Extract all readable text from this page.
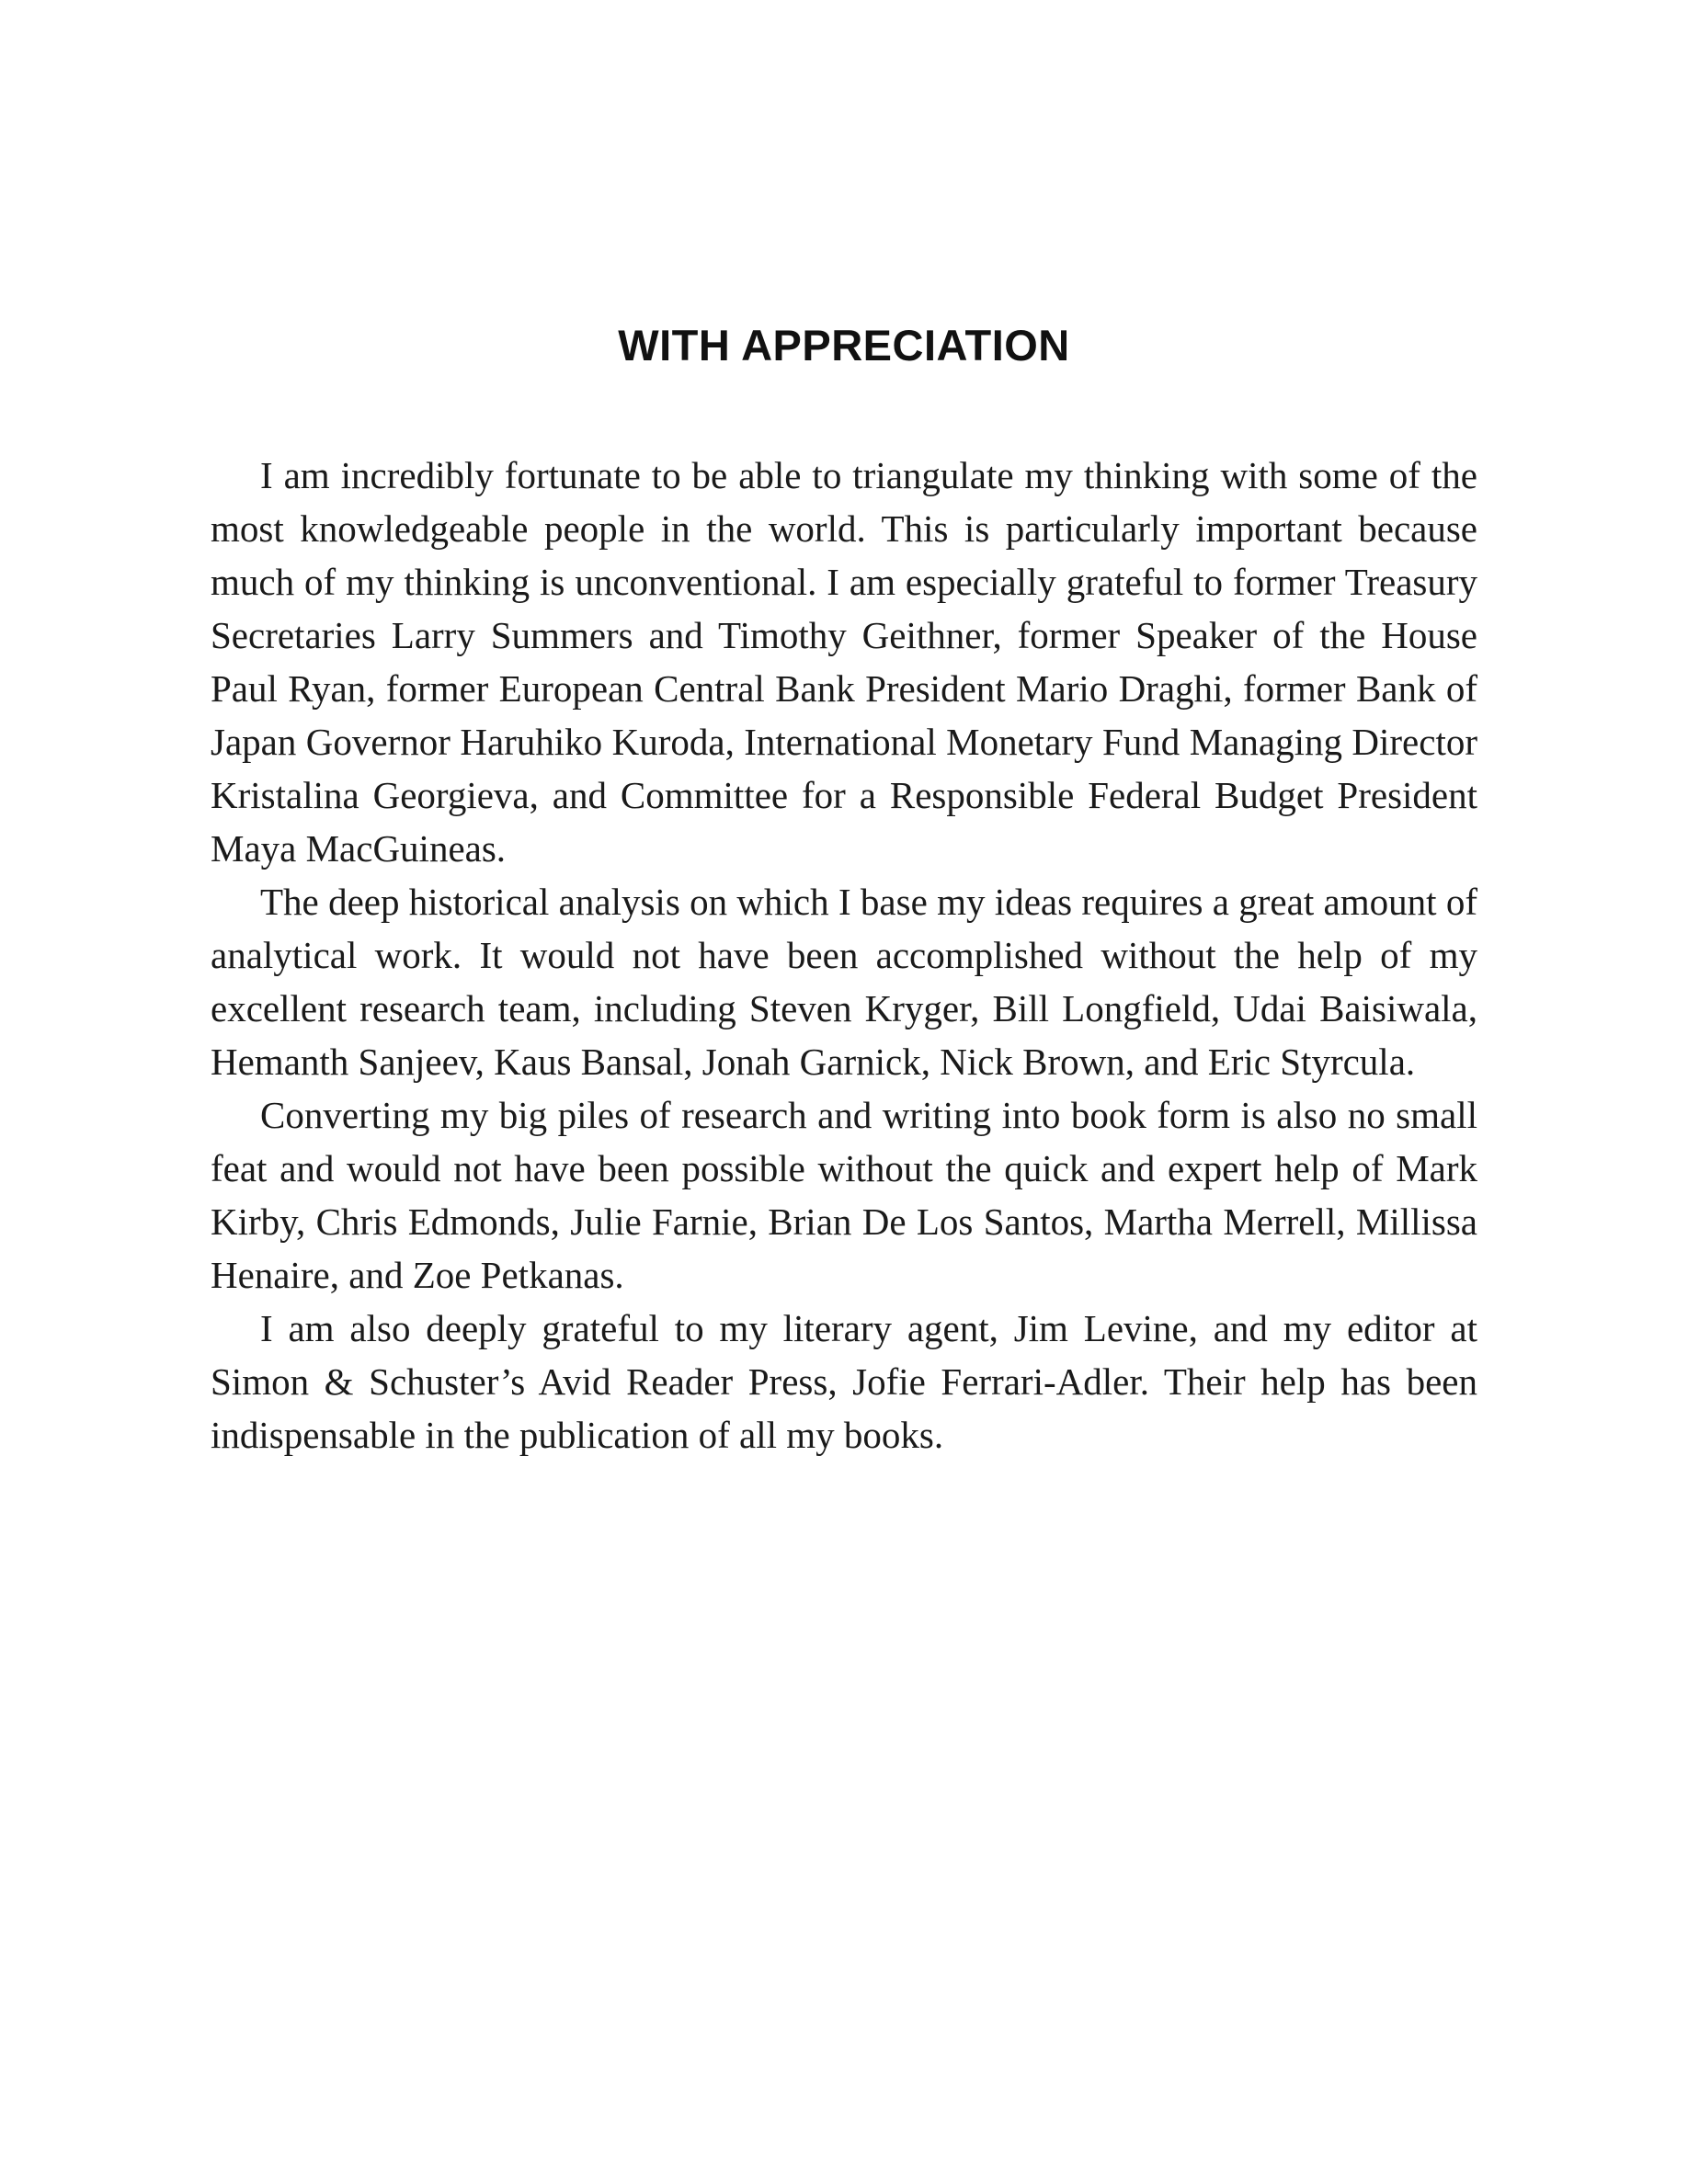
WITH APPRECIATION

I am incredibly fortunate to be able to triangulate my thinking with some of the most knowledgeable people in the world. This is particularly important because much of my thinking is unconventional. I am especially grateful to former Treasury Secretaries Larry Summers and Timothy Geithner, former Speaker of the House Paul Ryan, former European Central Bank President Mario Draghi, former Bank of Japan Governor Haruhiko Kuroda, International Monetary Fund Managing Director Kristalina Georgieva, and Committee for a Responsible Federal Budget President Maya MacGuineas.

The deep historical analysis on which I base my ideas requires a great amount of analytical work. It would not have been accomplished without the help of my excellent research team, including Steven Kryger, Bill Longfield, Udai Baisiwala, Hemanth Sanjeev, Kaus Bansal, Jonah Garnick, Nick Brown, and Eric Styrcula.

Converting my big piles of research and writing into book form is also no small feat and would not have been possible without the quick and expert help of Mark Kirby, Chris Edmonds, Julie Farnie, Brian De Los Santos, Martha Merrell, Millissa Henaire, and Zoe Petkanas.

I am also deeply grateful to my literary agent, Jim Levine, and my editor at Simon & Schuster’s Avid Reader Press, Jofie Ferrari-Adler. Their help has been indispensable in the publication of all my books.
